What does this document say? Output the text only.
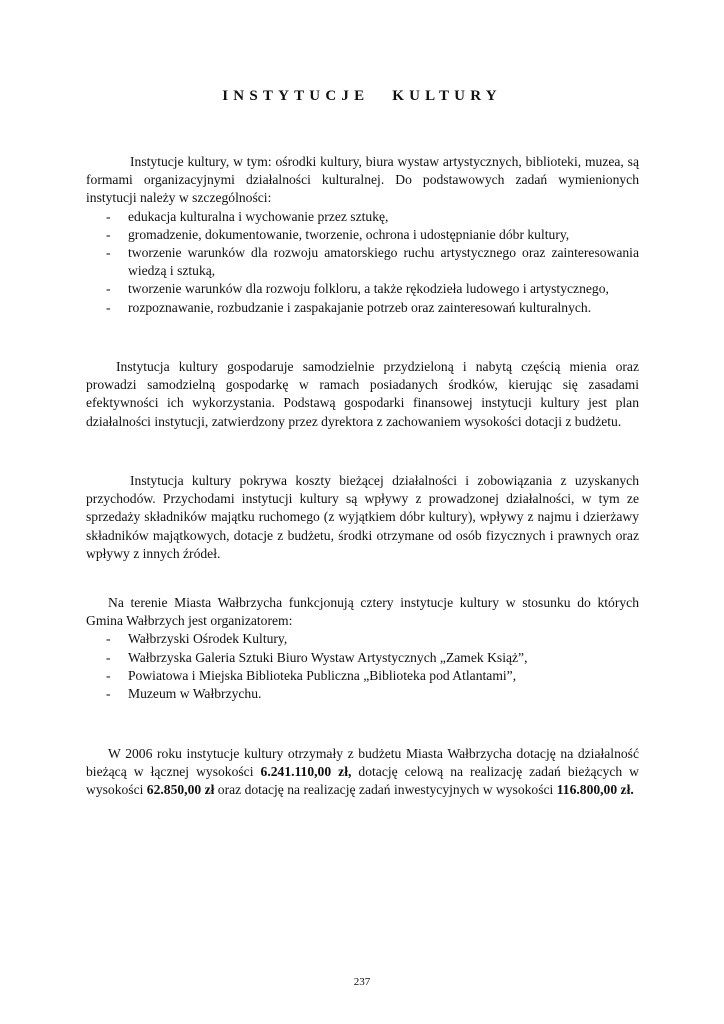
INSTYTUCJE KULTURY

Instytucje kultury, w tym: ośrodki kultury, biura wystaw artystycznych, biblioteki, muzea, są formami organizacyjnymi działalności kulturalnej. Do podstawowych zadań wymienionych instytucji należy w szczególności:

- edukacja kulturalna i wychowanie przez sztukę,
- gromadzenie, dokumentowanie, tworzenie, ochrona i udostępnianie dóbr kultury,
- tworzenie warunków dla rozwoju amatorskiego ruchu artystycznego oraz zainteresowania wiedzą i sztuką,
- tworzenie warunków dla rozwoju folkloru, a także rękodzieła ludowego i artystycznego,
- rozpoznawanie, rozbudzanie i zaspakajanie potrzeb oraz zainteresowań kulturalnych.

Instytucja kultury gospodaruje samodzielnie przydzieloną i nabytą częścią mienia oraz prowadzi samodzielną gospodarkę w ramach posiadanych środków, kierując się zasadami efektywności ich wykorzystania. Podstawą gospodarki finansowej instytucji kultury jest plan działalności instytucji, zatwierdzony przez dyrektora z zachowaniem wysokości dotacji z budżetu.

Instytucja kultury pokrywa koszty bieżącej działalności i zobowiązania z uzyskanych przychodów. Przychodami instytucji kultury są wpływy z prowadzonej działalności, w tym ze sprzedaży składników majątku ruchomego (z wyjątkiem dóbr kultury), wpływy z najmu i dzierżawy składników majątkowych, dotacje z budżetu, środki otrzymane od osób fizycznych i prawnych oraz wpływy z innych źródeł.

Na terenie Miasta Wałbrzycha funkcjonują cztery instytucje kultury w stosunku do których Gmina Wałbrzych jest organizatorem:

- Wałbrzyski Ośrodek Kultury,
- Wałbrzyska Galeria Sztuki Biuro Wystaw Artystycznych „Zamek Książ”,
- Powiatowa i Miejska Biblioteka Publiczna „Biblioteka pod Atlantami”,
- Muzeum w Wałbrzychu.

W 2006 roku instytucje kultury otrzymały z budżetu Miasta Wałbrzycha dotację na działalność bieżącą w łącznej wysokości 6.241.110,00 zł, dotację celową na realizację zadań bieżących w wysokości 62.850,00 zł oraz dotację na realizację zadań inwestycyjnych w wysokości 116.800,00 zł.

237
